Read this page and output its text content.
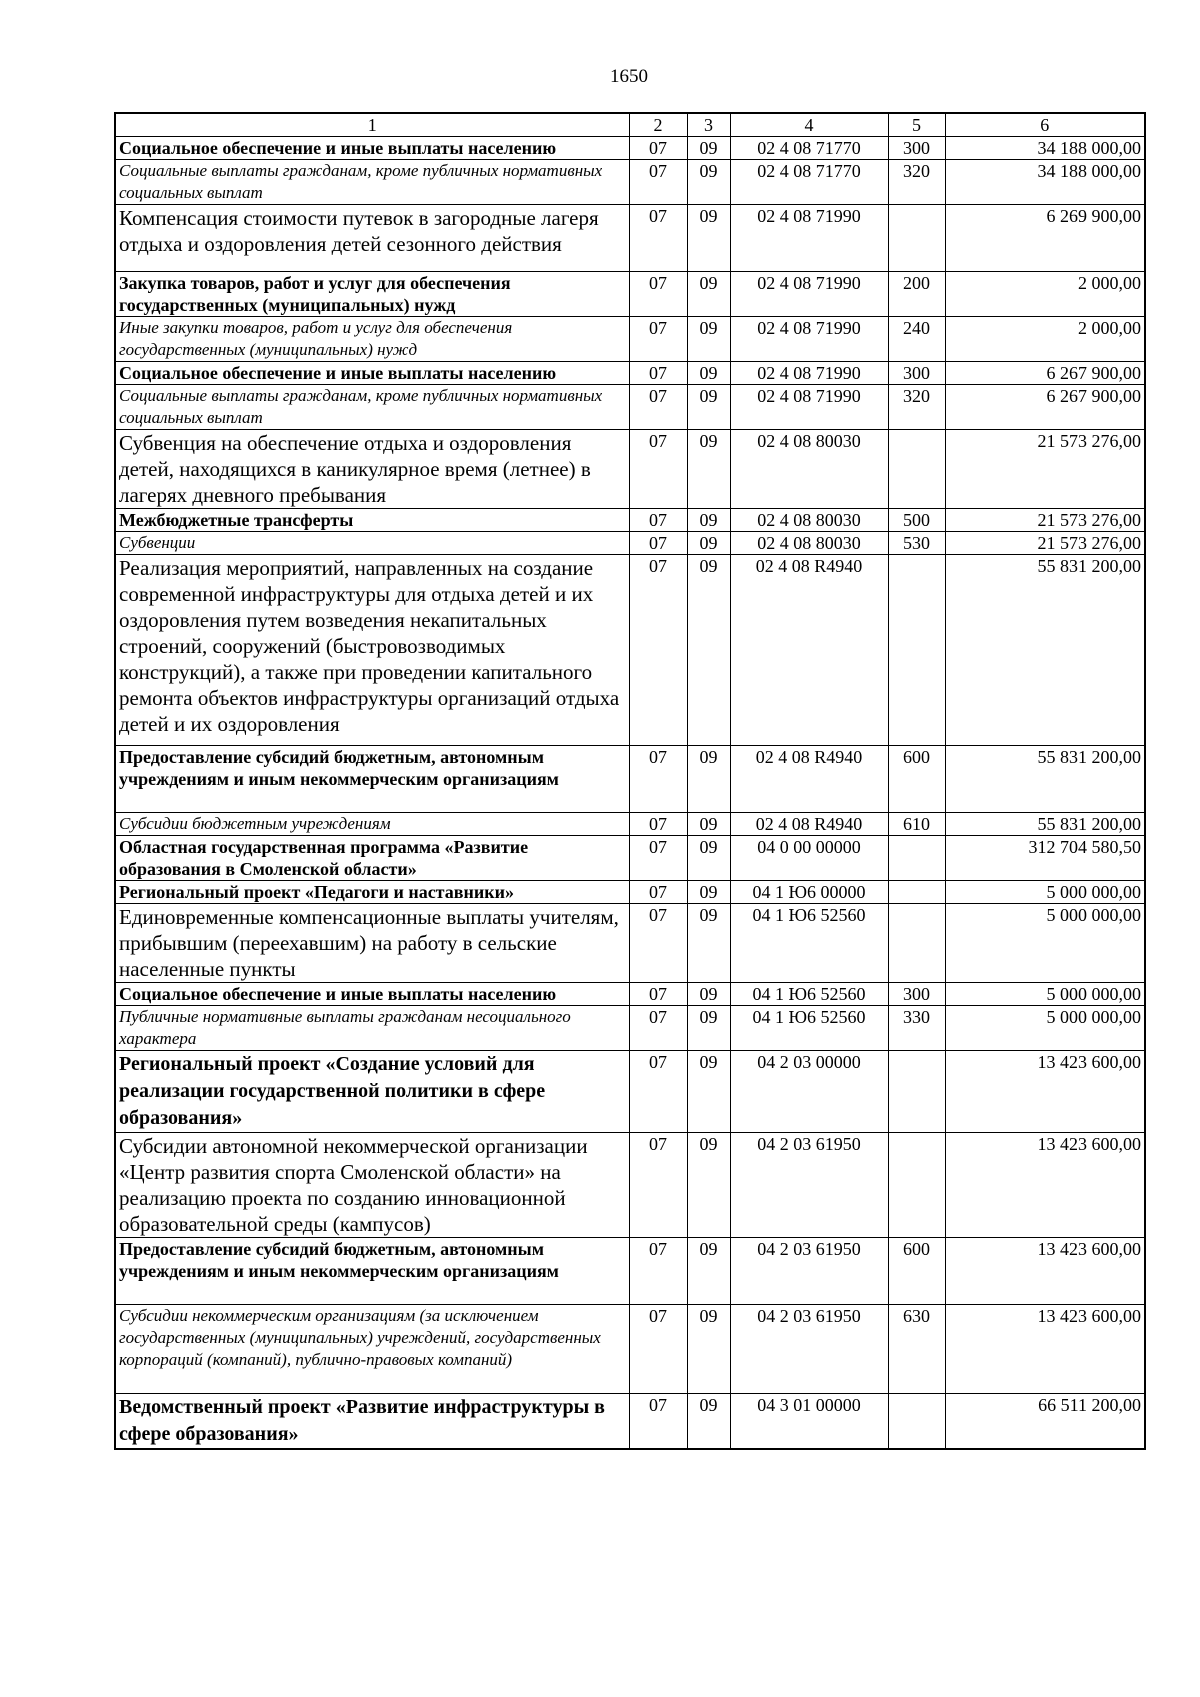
1650
1	2	3	4	5	6
Социальное обеспечение и иные выплаты населению	07	09	02 4 08 71770	300	34 188 000,00
Социальные выплаты гражданам, кроме публичных нормативных социальных выплат	07	09	02 4 08 71770	320	34 188 000,00
Компенсация стоимости путевок в загородные лагеря отдыха и оздоровления детей сезонного действия	07	09	02 4 08 71990		6 269 900,00
Закупка товаров, работ и услуг для обеспечения государственных (муниципальных) нужд	07	09	02 4 08 71990	200	2 000,00
Иные закупки товаров, работ и услуг для обеспечения государственных (муниципальных) нужд	07	09	02 4 08 71990	240	2 000,00
Социальное обеспечение и иные выплаты населению	07	09	02 4 08 71990	300	6 267 900,00
Социальные выплаты гражданам, кроме публичных нормативных социальных выплат	07	09	02 4 08 71990	320	6 267 900,00
Субвенция на обеспечение отдыха и оздоровления детей, находящихся в каникулярное время (летнее) в лагерях дневного пребывания	07	09	02 4 08 80030		21 573 276,00
Межбюджетные трансферты	07	09	02 4 08 80030	500	21 573 276,00
Субвенции	07	09	02 4 08 80030	530	21 573 276,00
Реализация мероприятий, направленных на создание современной инфраструктуры для отдыха детей и их оздоровления путем возведения некапитальных строений, сооружений (быстровозводимых конструкций), а также при проведении капитального ремонта объектов инфраструктуры организаций отдыха детей и их оздоровления	07	09	02 4 08 R4940		55 831 200,00
Предоставление субсидий бюджетным, автономным учреждениям и иным некоммерческим организациям	07	09	02 4 08 R4940	600	55 831 200,00
Субсидии бюджетным учреждениям	07	09	02 4 08 R4940	610	55 831 200,00
Областная государственная программа «Развитие образования в Смоленской области»	07	09	04 0 00 00000		312 704 580,50
Региональный проект «Педагоги и наставники»	07	09	04 1 Ю6 00000		5 000 000,00
Единовременные компенсационные выплаты учителям, прибывшим (переехавшим) на работу в сельские населенные пункты	07	09	04 1 Ю6 52560		5 000 000,00
Социальное обеспечение и иные выплаты населению	07	09	04 1 Ю6 52560	300	5 000 000,00
Публичные нормативные выплаты гражданам несоциального характера	07	09	04 1 Ю6 52560	330	5 000 000,00
Региональный проект «Создание условий для реализации государственной политики в сфере образования»	07	09	04 2 03 00000		13 423 600,00
Субсидии автономной некоммерческой организации «Центр развития спорта Смоленской области» на реализацию проекта по созданию инновационной образовательной среды (кампусов)	07	09	04 2 03 61950		13 423 600,00
Предоставление субсидий бюджетным, автономным учреждениям и иным некоммерческим организациям	07	09	04 2 03 61950	600	13 423 600,00
Субсидии некоммерческим организациям (за исключением государственных (муниципальных) учреждений, государственных корпораций (компаний), публично-правовых компаний)	07	09	04 2 03 61950	630	13 423 600,00
Ведомственный проект «Развитие инфраструктуры в сфере образования»	07	09	04 3 01 00000		66 511 200,00
